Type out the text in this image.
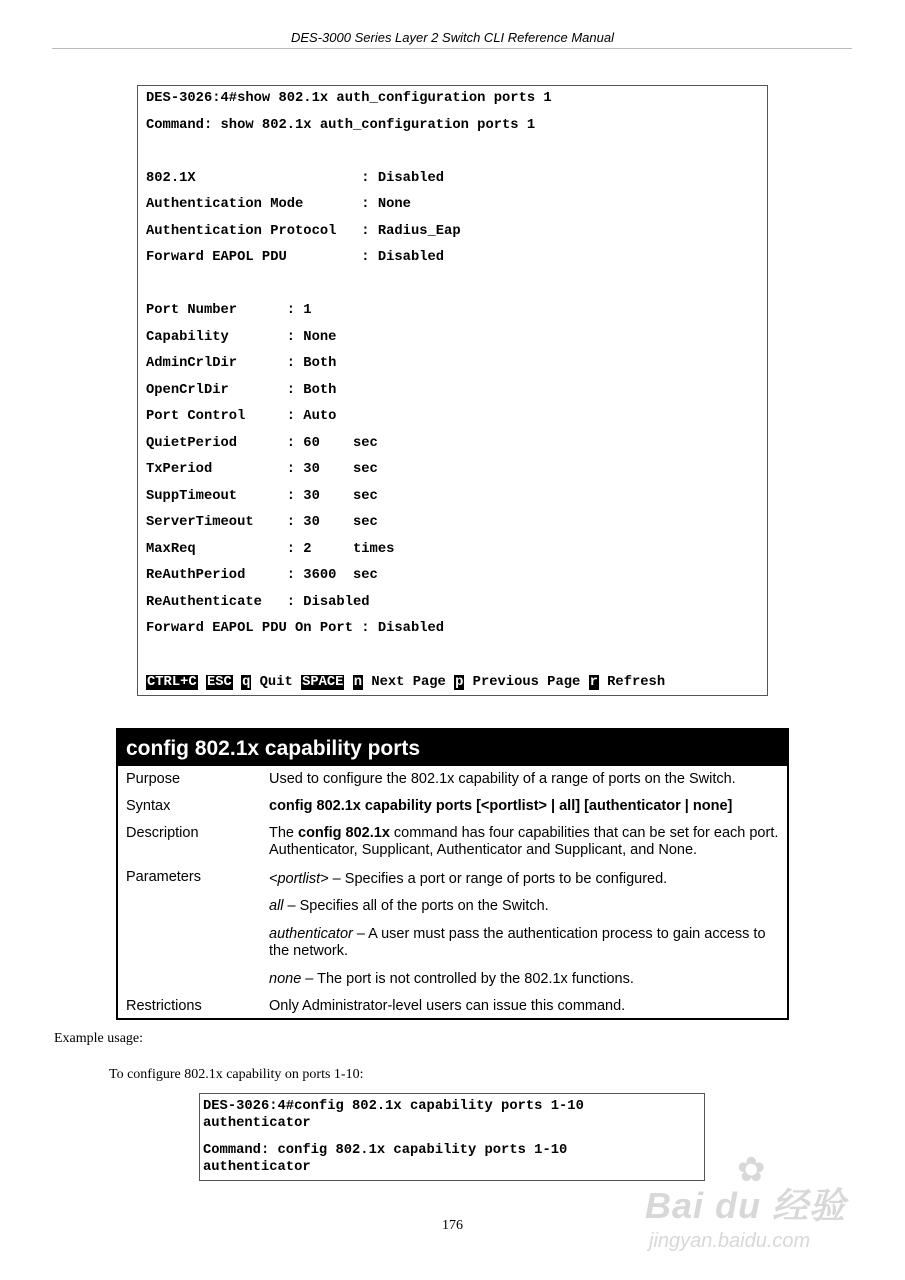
DES-3000 Series Layer 2 Switch CLI Reference Manual
DES-3026:4#show 802.1x auth_configuration ports 1
Command: show 802.1x auth_configuration ports 1
802.1X                    : Disabled
Authentication Mode       : None
Authentication Protocol   : Radius_Eap
Forward EAPOL PDU         : Disabled
Port Number      : 1
Capability       : None
AdminCrlDir      : Both
OpenCrlDir       : Both
Port Control     : Auto
QuietPeriod      : 60    sec
TxPeriod         : 30    sec
SuppTimeout      : 30    sec
ServerTimeout    : 30    sec
MaxReq           : 2     times
ReAuthPeriod     : 3600  sec
ReAuthenticate   : Disabled
Forward EAPOL PDU On Port : Disabled
CTRL+C ESC q Quit SPACE n Next Page p Previous Page r Refresh
config 802.1x capability ports
Purpose	Used to configure the 802.1x capability of a range of ports on the Switch.
Syntax	config 802.1x capability ports [<portlist> | all] [authenticator | none]
Description	The config 802.1x command has four capabilities that can be set for each port. Authenticator, Supplicant, Authenticator and Supplicant, and None.
Parameters	<portlist> – Specifies a port or range of ports to be configured.
all – Specifies all of the ports on the Switch.
authenticator – A user must pass the authentication process to gain access to the network.
none – The port is not controlled by the 802.1x functions.
Restrictions	Only Administrator-level users can issue this command.
Example usage:
To configure 802.1x capability on ports 1-10:
DES-3026:4#config 802.1x capability ports 1-10
authenticator
Command: config 802.1x capability ports 1-10
authenticator
176
✿
Bai du 经验
jingyan.baidu.com
